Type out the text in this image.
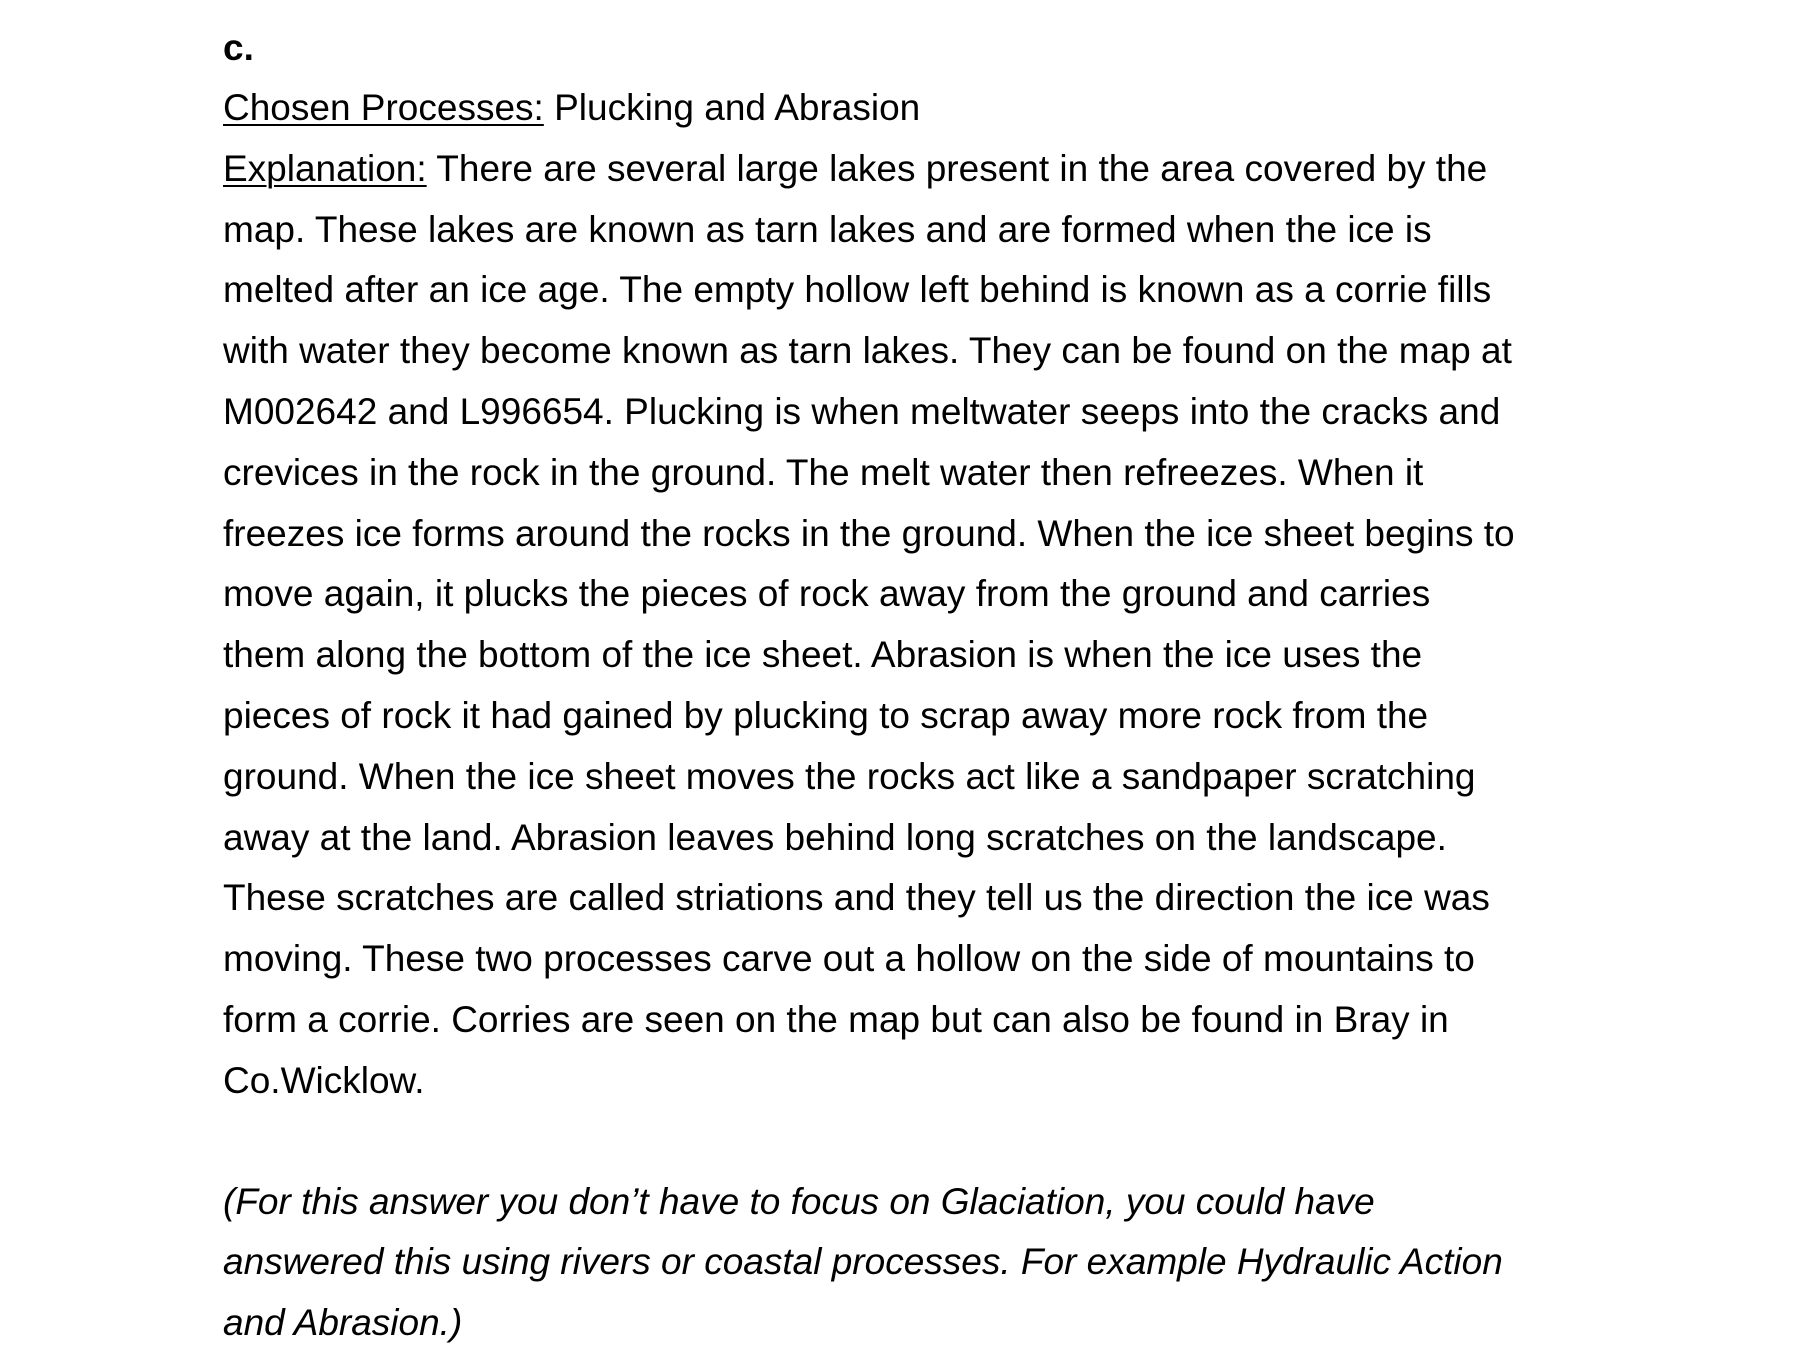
c.

Chosen Processes: Plucking and Abrasion

Explanation: There are several large lakes present in the area covered by the

map. These lakes are known as tarn lakes and are formed when the ice is

melted after an ice age. The empty hollow left behind is known as a corrie fills

with water they become known as tarn lakes. They can be found on the map at

M002642 and L996654. Plucking is when meltwater seeps into the cracks and

crevices in the rock in the ground. The melt water then refreezes. When it

freezes ice forms around the rocks in the ground. When the ice sheet begins to

move again, it plucks the pieces of rock away from the ground and carries

them along the bottom of the ice sheet. Abrasion is when the ice uses the

pieces of rock it had gained by plucking to scrap away more rock from the

ground. When the ice sheet moves the rocks act like a sandpaper scratching

away at the land. Abrasion leaves behind long scratches on the landscape.

These scratches are called striations and they tell us the direction the ice was

moving. These two processes carve out a hollow on the side of mountains to

form a corrie. Corries are seen on the map but can also be found in Bray in

Co.Wicklow.

(For this answer you don’t have to focus on Glaciation, you could have

answered this using rivers or coastal processes. For example Hydraulic Action

and Abrasion.)
